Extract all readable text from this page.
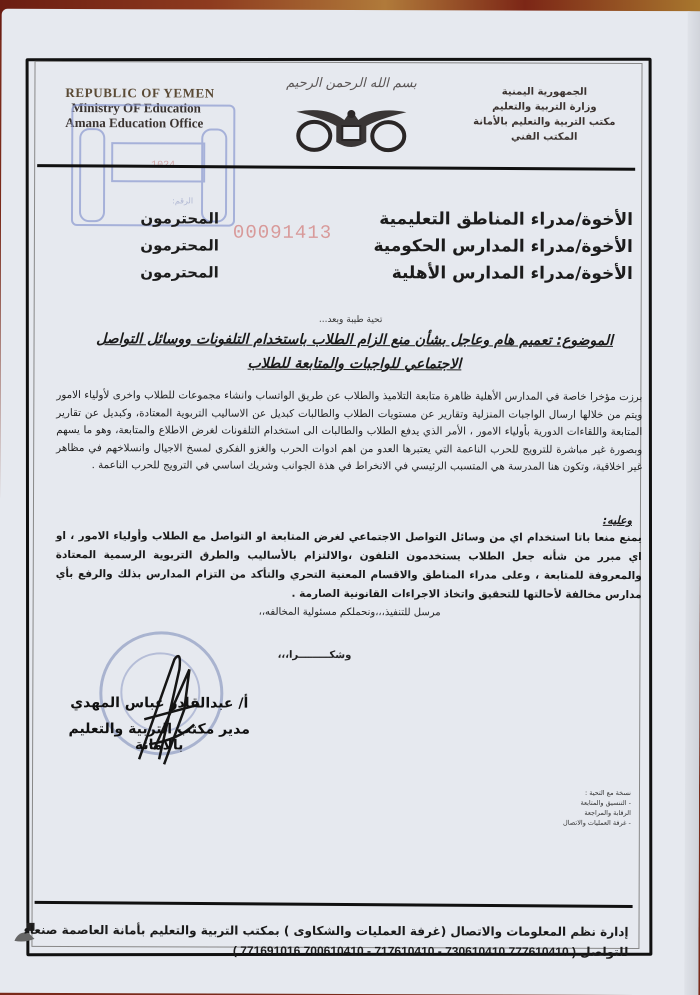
REPUBLIC OF YEMEN
Ministry OF Education
Amana Education Office
بسم الله الرحمن الرحيم
الجمهورية اليمنية
وزارة التربية والتعليم
مكتب التربية والتعليم بالأمانة
المكتب الفني
الرقم:
00091413
الأخوة/مدراء المناطق التعليمية
الأخوة/مدراء المدارس الحكومية
الأخوة/مدراء المدارس الأهلية
المحترمون
المحترمون
المحترمون
تحية طيبة وبعد...
الموضوع: تعميم هام وعاجل بشأن منع الزام الطلاب باستخدام التلفونات ووسائل التواصل
الاجتماعي للواجبات والمتابعة للطلاب

برزت مؤخرا خاصة في المدارس الأهلية ظاهرة متابعة التلاميذ والطلاب عن طريق الواتساب وانشاء مجموعات للطلاب واخرى لأولياء الامور ويتم من خلالها ارسال الواجبات المنزلية وتقارير عن مستويات الطلاب والطالبات كبديل عن الاساليب التربوية المعتادة، وكبديل عن تقارير المتابعة واللقاءات الدورية بأولياء الامور ، الأمر الذي يدفع الطلاب والطالبات الى استخدام التلفونات لغرض الاطلاع والمتابعة، وهو ما يسهم وبصورة غير مباشرة للترويج للحرب الناعمة التي يعتبرها العدو من اهم ادوات الحرب والغزو الفكري لمسخ الاجيال وانسلاخهم في مظاهر غير اخلاقية، وتكون هنا المدرسة هي المتسبب الرئيسي في الانخراط في هذة الجوانب وشريك اساسي في الترويج للحرب الناعمة .

وعليه:
يمنع منعا باتا استخدام اي من وسائل التواصل الاجتماعي لغرض المتابعة او التواصل مع الطلاب وأولياء الامور ، او اي مبرر من شأنه جعل الطلاب يستخدمون التلفون ،والالتزام بالأساليب والطرق التربوية الرسمية المعتادة والمعروفة للمتابعة ، وعلى مدراء المناطق والاقسام المعنية التحري والتأكد من التزام المدارس بذلك والرفع بأي مدارس مخالفة لأحالتها للتحقيق واتخاذ الاجراءات القانونية الصارمة .
مرسل للتنفيذ،،،ونحملكم مسئولية المخالفه،،
وشكـــــــــرا،،،
أ/ عبدالقادر عباس المهدي
مدير مكتب التربية والتعليم بالامانة
نسخة مع التحية :
- التنسيق والمتابعة
الرقابة والمراجعة
- غرفة العمليات والاتصال
إدارة نظم المعلومات والاتصال (غرفة العمليات والشكاوى ) بمكتب التربية والتعليم بأمانة العاصمة صنعاء
للتواصل ( 777610410 730610410 - 717610410 - 700610410 771691016 )
